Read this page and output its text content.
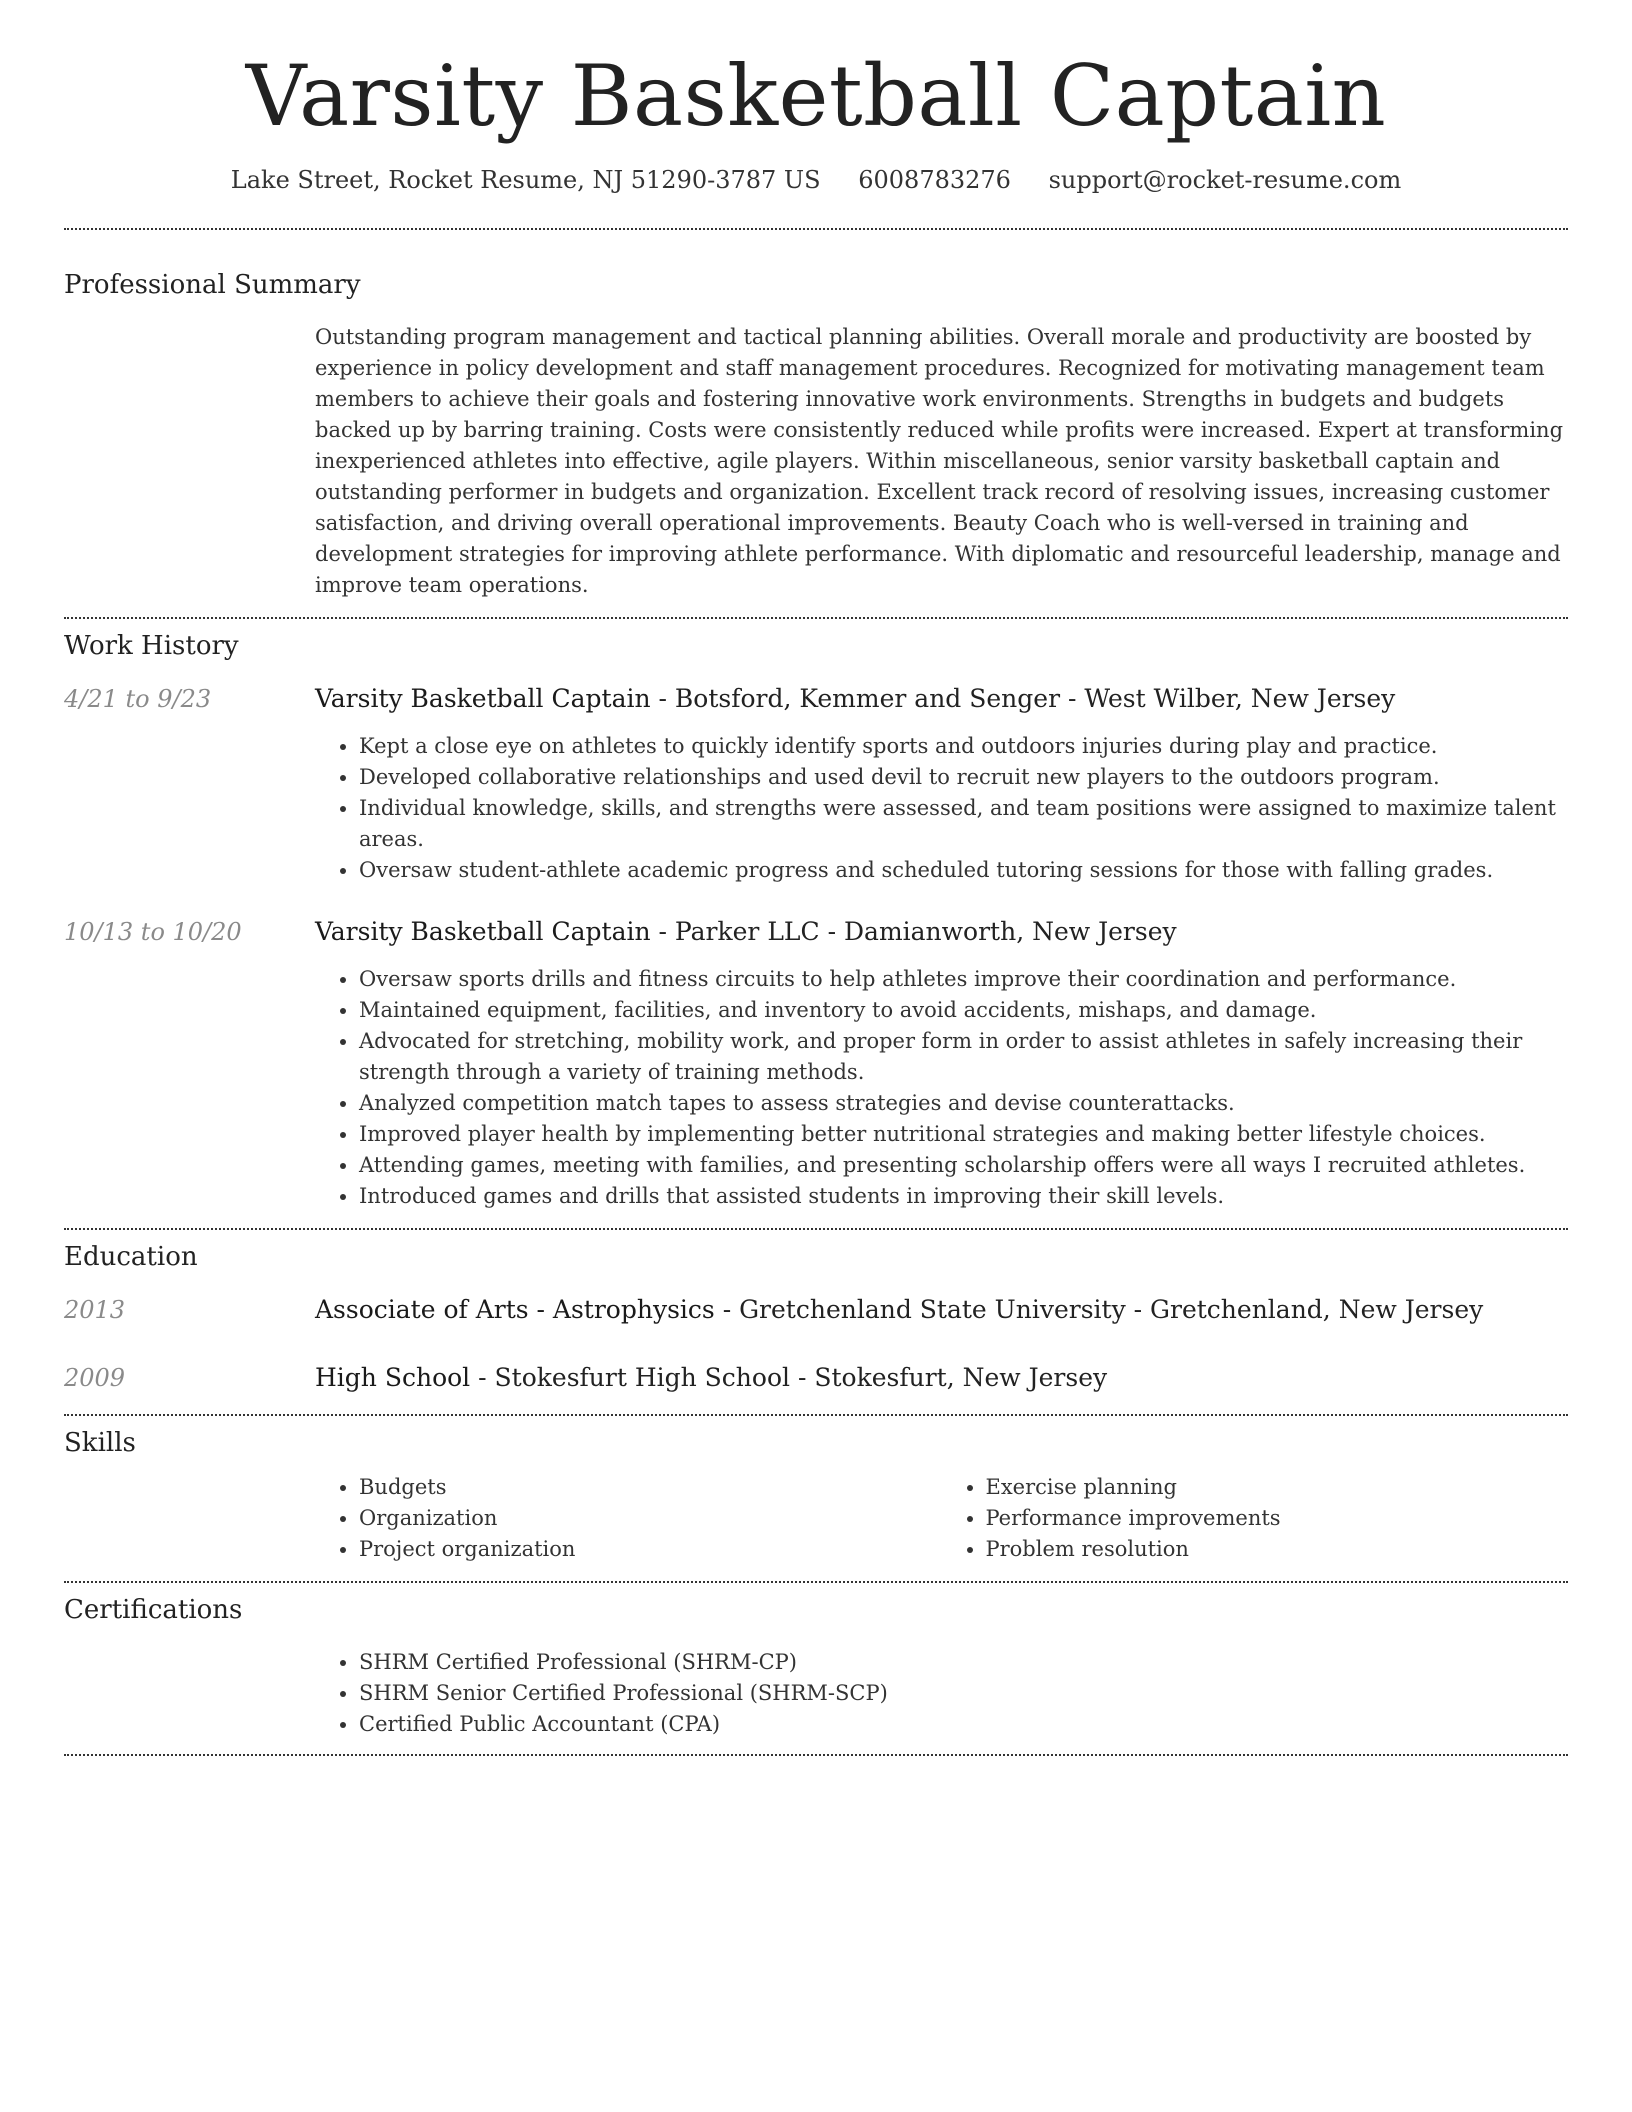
Varsity Basketball Captain
Lake Street, Rocket Resume, NJ 51290-3787 US 6008783276 support@rocket-resume.com
Professional Summary

Outstanding program management and tactical planning abilities. Overall morale and productivity are boosted by experience in policy development and staff management procedures. Recognized for motivating management team members to achieve their goals and fostering innovative work environments. Strengths in budgets and budgets backed up by barring training. Costs were consistently reduced while profits were increased. Expert at transforming inexperienced athletes into effective, agile players. Within miscellaneous, senior varsity basketball captain and outstanding performer in budgets and organization. Excellent track record of resolving issues, increasing customer satisfaction, and driving overall operational improvements. Beauty Coach who is well-versed in training and development strategies for improving athlete performance. With diplomatic and resourceful leadership, manage and improve team operations.

Work History
4/21 to 9/23	Varsity Basketball Captain - Botsford, Kemmer and Senger - West Wilber, New Jersey
• Kept a close eye on athletes to quickly identify sports and outdoors injuries during play and practice.
• Developed collaborative relationships and used devil to recruit new players to the outdoors program.
• Individual knowledge, skills, and strengths were assessed, and team positions were assigned to maximize talent areas.
• Oversaw student-athlete academic progress and scheduled tutoring sessions for those with falling grades.
10/13 to 10/20	Varsity Basketball Captain - Parker LLC - Damianworth, New Jersey
• Oversaw sports drills and fitness circuits to help athletes improve their coordination and performance.
• Maintained equipment, facilities, and inventory to avoid accidents, mishaps, and damage.
• Advocated for stretching, mobility work, and proper form in order to assist athletes in safely increasing their strength through a variety of training methods.
• Analyzed competition match tapes to assess strategies and devise counterattacks.
• Improved player health by implementing better nutritional strategies and making better lifestyle choices.
• Attending games, meeting with families, and presenting scholarship offers were all ways I recruited athletes.
• Introduced games and drills that assisted students in improving their skill levels.
Education
2013	Associate of Arts - Astrophysics - Gretchenland State University - Gretchenland, New Jersey
2009	High School - Stokesfurt High School - Stokesfurt, New Jersey
Skills
• Budgets
• Organization
• Project organization
• Exercise planning
• Performance improvements
• Problem resolution
Certifications
• SHRM Certified Professional (SHRM-CP)
• SHRM Senior Certified Professional (SHRM-SCP)
• Certified Public Accountant (CPA)
